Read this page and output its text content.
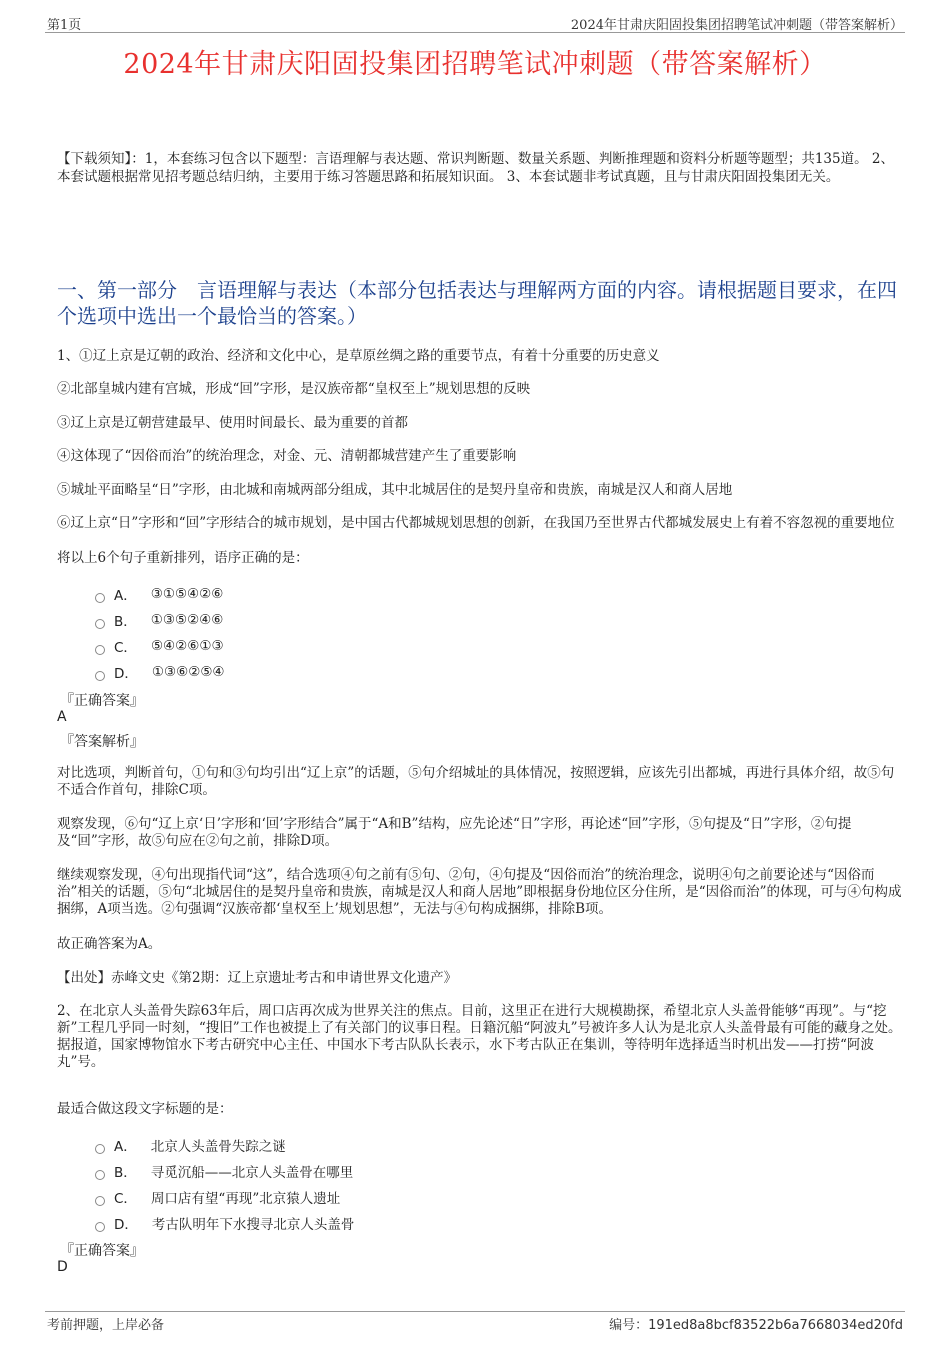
第1页	2024年甘肃庆阳固投集团招聘笔试冲刺题（带答案解析）
2024年甘肃庆阳固投集团招聘笔试冲刺题（带答案解析）
【下载须知】：1，本套练习包含以下题型：言语理解与表达题、常识判断题、数量关系题、判断推理题和资料分析题等题型；共135道。 2、本套试题根据常见招考题总结归纳，主要用于练习答题思路和拓展知识面。 3、本套试题非考试真题，且与甘肃庆阳固投集团无关。
一、第一部分　言语理解与表达（本部分包括表达与理解两方面的内容。请根据题目要求，在四个选项中选出一个最恰当的答案。）
1、①辽上京是辽朝的政治、经济和文化中心，是草原丝绸之路的重要节点，有着十分重要的历史意义
②北部皇城内建有宫城，形成“回”字形，是汉族帝都“皇权至上”规划思想的反映
③辽上京是辽朝营建最早、使用时间最长、最为重要的首都
④这体现了“因俗而治”的统治理念，对金、元、清朝都城营建产生了重要影响
⑤城址平面略呈“日”字形，由北城和南城两部分组成，其中北城居住的是契丹皇帝和贵族，南城是汉人和商人居地
⑥辽上京“日”字形和“回”字形结合的城市规划，是中国古代都城规划思想的创新，在我国乃至世界古代都城发展史上有着不容忽视的重要地位
将以上6个句子重新排列，语序正确的是：
A． ③①⑤④②⑥
B． ①③⑤②④⑥
C． ⑤④②⑥①③
D． ①③⑥②⑤④
『正确答案』
A
『答案解析』
对比选项，判断首句，①句和③句均引出“辽上京”的话题，⑤句介绍城址的具体情况，按照逻辑，应该先引出都城，再进行具体介绍，故⑤句不适合作首句，排除C项。
观察发现，⑥句“辽上京‘日’字形和‘回’字形结合”属于“A和B”结构，应先论述“日”字形，再论述“回”字形，⑤句提及“日”字形，②句提及“回”字形，故⑤句应在②句之前，排除D项。
继续观察发现，④句出现指代词“这”，结合选项④句之前有⑤句、②句，④句提及“因俗而治”的统治理念，说明④句之前要论述与“因俗而治”相关的话题，⑤句“北城居住的是契丹皇帝和贵族，南城是汉人和商人居地”即根据身份地位区分住所，是“因俗而治”的体现，可与④句构成捆绑，A项当选。②句强调“汉族帝都‘皇权至上’规划思想”，无法与④句构成捆绑，排除B项。
故正确答案为A。
【出处】赤峰文史《第2期：辽上京遗址考古和申请世界文化遗产》
2、在北京人头盖骨失踪63年后，周口店再次成为世界关注的焦点。目前，这里正在进行大规模勘探，希望北京人头盖骨能够“再现”。与“挖新”工程几乎同一时刻，“搜旧”工作也被提上了有关部门的议事日程。日籍沉船“阿波丸”号被许多人认为是北京人头盖骨最有可能的藏身之处。据报道，国家博物馆水下考古研究中心主任、中国水下考古队队长表示，水下考古队正在集训，等待明年选择适当时机出发——打捞“阿波丸”号。
最适合做这段文字标题的是：
A． 北京人头盖骨失踪之谜
B． 寻觅沉船——北京人头盖骨在哪里
C． 周口店有望“再现”北京猿人遗址
D． 考古队明年下水搜寻北京人头盖骨
『正确答案』
D
考前押题，上岸必备	编号：191ed8a8bcf83522b6a7668034ed20fd
